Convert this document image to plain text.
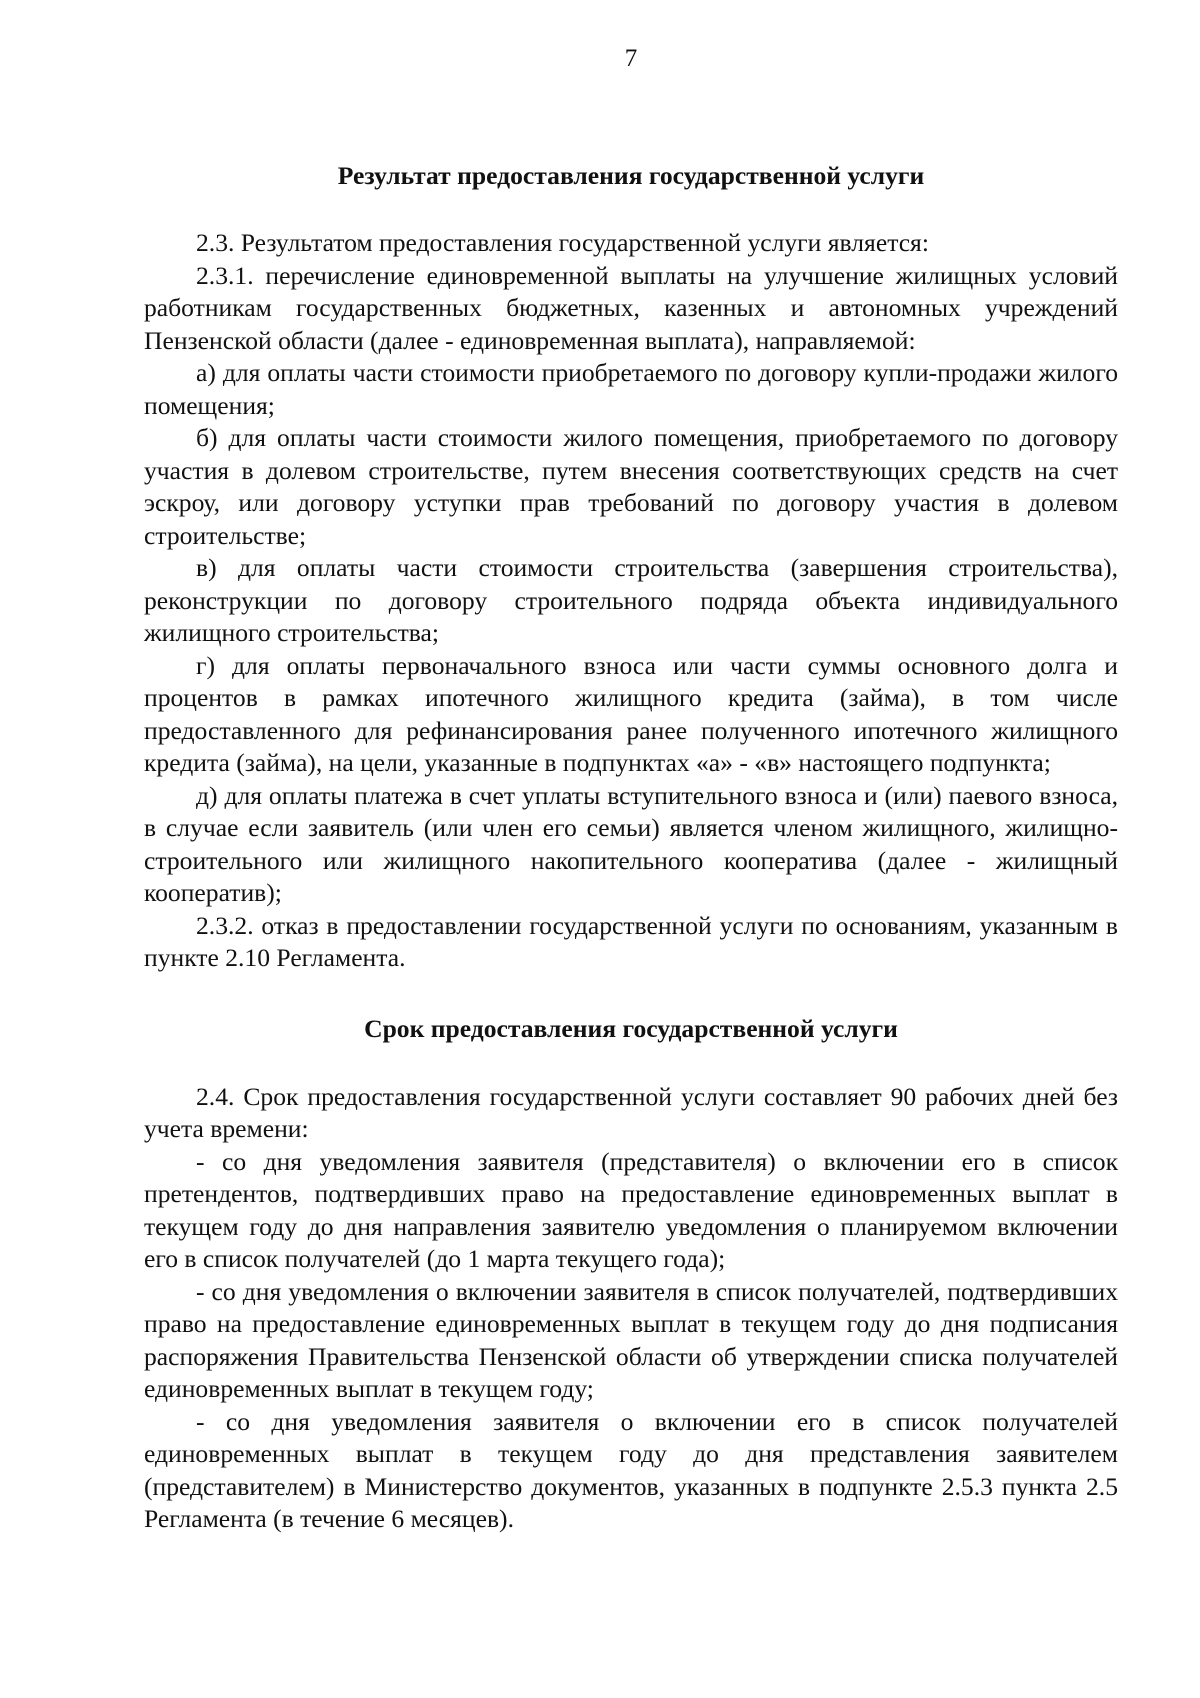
7
Результат предоставления государственной услуги

2.3. Результатом предоставления государственной услуги является:

2.3.1. перечисление единовременной выплаты на улучшение жилищных условий работникам государственных бюджетных, казенных и автономных учреждений Пензенской области (далее - единовременная выплата), направляемой:

а) для оплаты части стоимости приобретаемого по договору купли-продажи жилого помещения;

б) для оплаты части стоимости жилого помещения, приобретаемого по договору участия в долевом строительстве, путем внесения соответствующих средств на счет эскроу, или договору уступки прав требований по договору участия в долевом строительстве;

в) для оплаты части стоимости строительства (завершения строительства), реконструкции по договору строительного подряда объекта индивидуального жилищного строительства;

г) для оплаты первоначального взноса или части суммы основного долга и процентов в рамках ипотечного жилищного кредита (займа), в том числе предоставленного для рефинансирования ранее полученного ипотечного жилищного кредита (займа), на цели, указанные в подпунктах «а» - «в» настоящего подпункта;

д) для оплаты платежа в счет уплаты вступительного взноса и (или) паевого взноса, в случае если заявитель (или член его семьи) является членом жилищного, жилищно-строительного или жилищного накопительного кооператива (далее - жилищный кооператив);

2.3.2. отказ в предоставлении государственной услуги по основаниям, указанным в пункте 2.10 Регламента.

Срок предоставления государственной услуги

2.4. Срок предоставления государственной услуги составляет 90 рабочих дней без учета времени:

- со дня уведомления заявителя (представителя) о включении его в список претендентов, подтвердивших право на предоставление единовременных выплат в текущем году до дня направления заявителю уведомления о планируемом включении его в список получателей (до 1 марта текущего года);

- со дня уведомления о включении заявителя в список получателей, подтвердивших право на предоставление единовременных выплат в текущем году до дня подписания распоряжения Правительства Пензенской области об утверждении списка получателей единовременных выплат в текущем году;

- со дня уведомления заявителя о включении его в список получателей единовременных выплат в текущем году до дня представления заявителем (представителем) в Министерство документов, указанных в подпункте 2.5.3 пункта 2.5 Регламента (в течение 6 месяцев).
